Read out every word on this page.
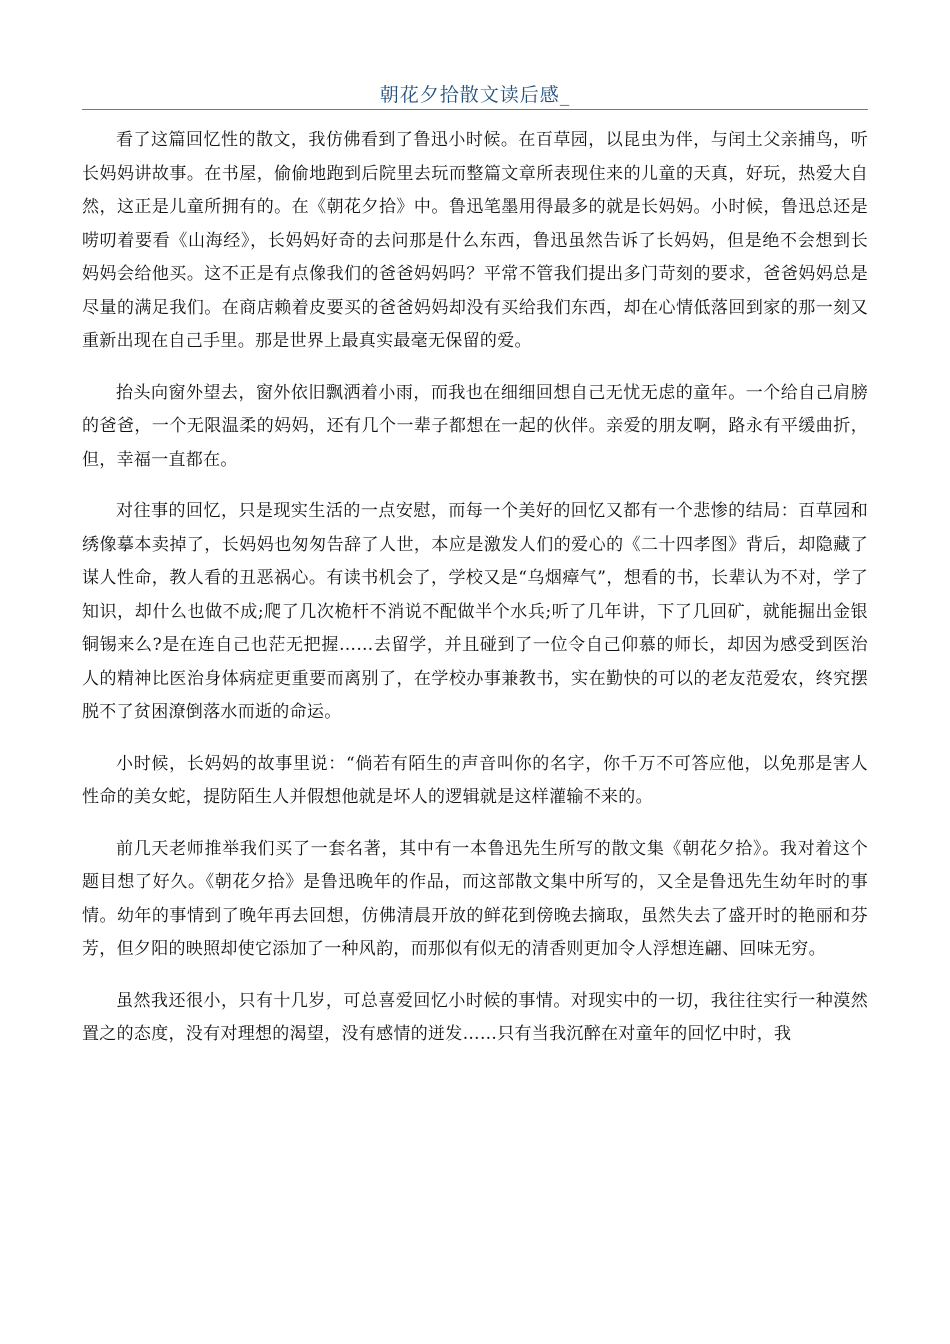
朝花夕拾散文读后感_

看了这篇回忆性的散文，我仿佛看到了鲁迅小时候。在百草园，以昆虫为伴，与闰土父亲捕鸟，听长妈妈讲故事。在书屋，偷偷地跑到后院里去玩而整篇文章所表现住来的儿童的天真，好玩，热爱大自然，这正是儿童所拥有的。在《朝花夕拾》中。鲁迅笔墨用得最多的就是长妈妈。小时候，鲁迅总还是唠叨着要看《山海经》，长妈妈好奇的去问那是什么东西，鲁迅虽然告诉了长妈妈，但是绝不会想到长妈妈会给他买。这不正是有点像我们的爸爸妈妈吗？平常不管我们提出多门苛刻的要求，爸爸妈妈总是尽量的满足我们。在商店赖着皮要买的爸爸妈妈却没有买给我们东西，却在心情低落回到家的那一刻又重新出现在自己手里。那是世界上最真实最毫无保留的爱。

抬头向窗外望去，窗外依旧飘洒着小雨，而我也在细细回想自己无忧无虑的童年。一个给自己肩膀的爸爸，一个无限温柔的妈妈，还有几个一辈子都想在一起的伙伴。亲爱的朋友啊，路永有平缓曲折，但，幸福一直都在。

对往事的回忆，只是现实生活的一点安慰，而每一个美好的回忆又都有一个悲惨的结局：百草园和绣像摹本卖掉了，长妈妈也匆匆告辞了人世，本应是激发人们的爱心的《二十四孝图》背后，却隐藏了谋人性命，教人看的丑恶祸心。有读书机会了，学校又是“乌烟瘴气”，想看的书，长辈认为不对，学了知识，却什么也做不成;爬了几次桅杆不消说不配做半个水兵;听了几年讲，下了几回矿，就能掘出金银铜锡来么?是在连自己也茫无把握……去留学，并且碰到了一位令自己仰慕的师长，却因为感受到医治人的精神比医治身体病症更重要而离别了，在学校办事兼教书，实在勤快的可以的老友范爱农，终究摆脱不了贫困潦倒落水而逝的命运。

小时候，长妈妈的故事里说：“倘若有陌生的声音叫你的名字，你千万不可答应他，以免那是害人性命的美女蛇，提防陌生人并假想他就是坏人的逻辑就是这样灌输不来的。

前几天老师推举我们买了一套名著，其中有一本鲁迅先生所写的散文集《朝花夕拾》。我对着这个题目想了好久。《朝花夕拾》是鲁迅晚年的作品，而这部散文集中所写的，又全是鲁迅先生幼年时的事情。幼年的事情到了晚年再去回想，仿佛清晨开放的鲜花到傍晚去摘取，虽然失去了盛开时的艳丽和芬芳，但夕阳的映照却使它添加了一种风韵，而那似有似无的清香则更加令人浮想连翩、回味无穷。

虽然我还很小，只有十几岁，可总喜爱回忆小时候的事情。对现实中的一切，我往往实行一种漠然置之的态度，没有对理想的渴望，没有感情的迸发……只有当我沉醉在对童年的回忆中时，我
